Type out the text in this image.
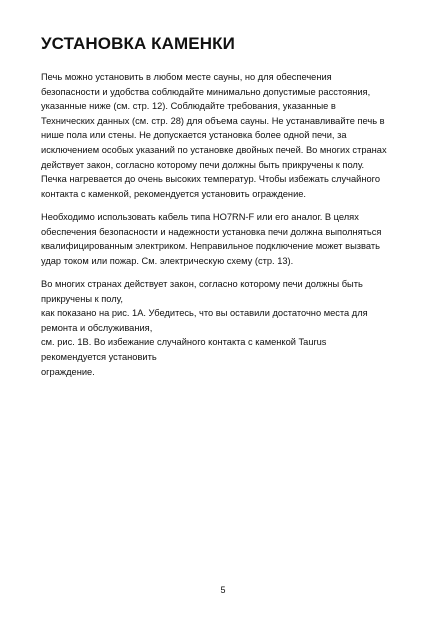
УСТАНОВКА КАМЕНКИ

Печь можно установить в любом месте сауны, но для обеспечения
безопасности и удобства соблюдайте минимально допустимые расстояния,
указанные ниже (см. стр. 12). Соблюдайте требования, указанные в
Технических данных (см. стр. 28) для объема сауны. Не устанавливайте печь в
нише пола или стены. Не допускается установка более одной печи, за
исключением особых указаний по установке двойных печей. Во многих странах
действует закон, согласно которому печи должны быть прикручены к полу.

Печка нагревается до очень высоких температур. Чтобы избежать случайного
контакта с каменкой, рекомендуется установить ограждение.

Необходимо использовать кабель типа HO7RN-F или его аналог. В целях
обеспечения безопасности и надежности установка печи должна выполняться
квалифицированным электриком. Неправильное подключение может вызвать
удар током или пожар. См. электрическую схему (стр. 13).

Во многих странах действует закон, согласно которому печи должны быть
прикручены к полу,
как показано на рис. 1А. Убедитесь, что вы оставили достаточно места для
ремонта и обслуживания,
см. рис. 1В. Во избежание случайного контакта с каменкой Taurus
рекомендуется установить
ограждение.

5
